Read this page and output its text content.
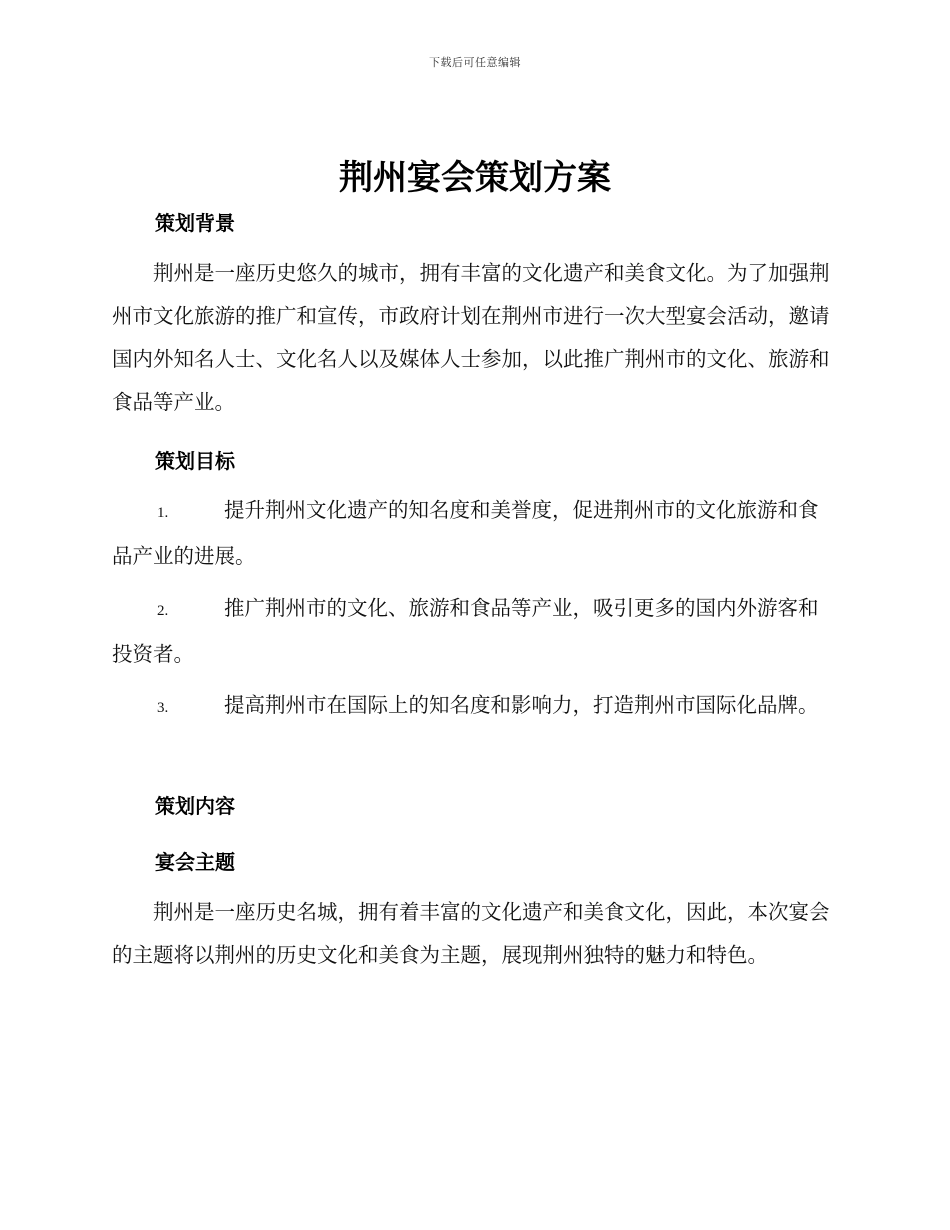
下载后可任意编辑
荆州宴会策划方案
策划背景
荆州是一座历史悠久的城市，拥有丰富的文化遗产和美食文化。为了加强荆州市文化旅游的推广和宣传，市政府计划在荆州市进行一次大型宴会活动，邀请国内外知名人士、文化名人以及媒体人士参加，以此推广荆州市的文化、旅游和食品等产业。
策划目标
1.	提升荆州文化遗产的知名度和美誉度，促进荆州市的文化旅游和食品产业的进展。
2.	推广荆州市的文化、旅游和食品等产业，吸引更多的国内外游客和投资者。
3.	提高荆州市在国际上的知名度和影响力，打造荆州市国际化品牌。
策划内容
宴会主题
荆州是一座历史名城，拥有着丰富的文化遗产和美食文化，因此，本次宴会的主题将以荆州的历史文化和美食为主题，展现荆州独特的魅力和特色。
